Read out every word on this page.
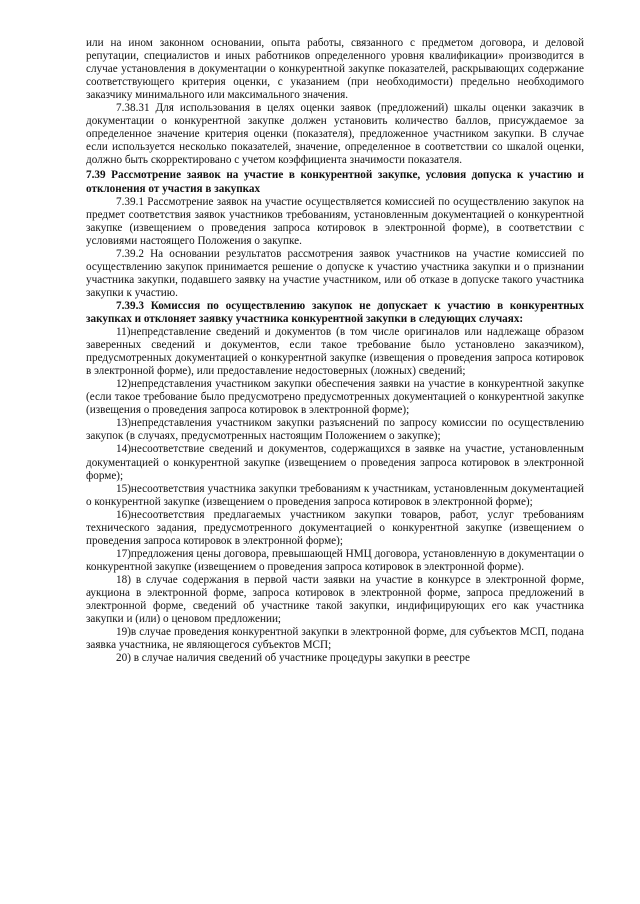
или на ином законном основании, опыта работы, связанного с предметом договора, и деловой репутации, специалистов и иных работников определенного уровня квалификации» производится в случае установления в документации о конкурентной закупке показателей, раскрывающих содержание соответствующего критерия оценки, с указанием (при необходимости) предельно необходимого заказчику минимального или максимального значения.

7.38.31 Для использования в целях оценки заявок (предложений) шкалы оценки заказчик в документации о конкурентной закупке должен установить количество баллов, присуждаемое за определенное значение критерия оценки (показателя), предложенное участником закупки. В случае если используется несколько показателей, значение, определенное в соответствии со шкалой оценки, должно быть скорректировано с учетом коэффициента значимости показателя.

7.39 Рассмотрение заявок на участие в конкурентной закупке, условия допуска к участию и отклонения от участия в закупках

7.39.1 Рассмотрение заявок на участие осуществляется комиссией по осуществлению закупок на предмет соответствия заявок участников требованиям, установленным документацией о конкурентной закупке (извещением о проведения запроса котировок в электронной форме), в соответствии с условиями настоящего Положения о закупке.

7.39.2 На основании результатов рассмотрения заявок участников на участие комиссией по осуществлению закупок принимается решение о допуске к участию участника закупки и о признании участника закупки, подавшего заявку на участие участником, или об отказе в допуске такого участника закупки к участию.

7.39.3 Комиссия по осуществлению закупок не допускает к участию в конкурентных закупках и отклоняет заявку участника конкурентной закупки в следующих случаях:

11)непредставление сведений и документов (в том числе оригиналов или надлежаще образом заверенных сведений и документов, если такое требование было установлено заказчиком), предусмотренных документацией о конкурентной закупке (извещения о проведения запроса котировок в электронной форме), или предоставление недостоверных (ложных) сведений;

12)непредставления участником закупки обеспечения заявки на участие в конкурентной закупке (если такое требование было предусмотрено предусмотренных документацией о конкурентной закупке (извещения о проведения запроса котировок в электронной форме);

13)непредставления участником закупки разъяснений по запросу комиссии по осуществлению закупок (в случаях, предусмотренных настоящим Положением о закупке);

14)несоответствие сведений и документов, содержащихся в заявке на участие, установленным документацией о конкурентной закупке (извещением о проведения запроса котировок в электронной форме);

15)несоответствия участника закупки требованиям к участникам, установленным документацией о конкурентной закупке (извещением о проведения запроса котировок в электронной форме);

16)несоответствия предлагаемых участником закупки товаров, работ, услуг требованиям технического задания, предусмотренного документацией о конкурентной закупке (извещением о проведения запроса котировок в электронной форме);

17)предложения цены договора, превышающей НМЦ договора, установленную в документации о конкурентной закупке (извещением о проведения запроса котировок в электронной форме).

18) в случае содержания в первой части заявки на участие в конкурсе в электронной форме, аукциона в электронной форме, запроса котировок в электронной форме, запроса предложений в электронной форме, сведений об участнике такой закупки, индифицирующих его как участника закупки и (или) о ценовом предложении;

19)в случае проведения конкурентной закупки в электронной форме, для субъектов МСП, подана заявка участника, не являющегося субъектов МСП;

20) в случае наличия сведений об участнике процедуры закупки в реестре
